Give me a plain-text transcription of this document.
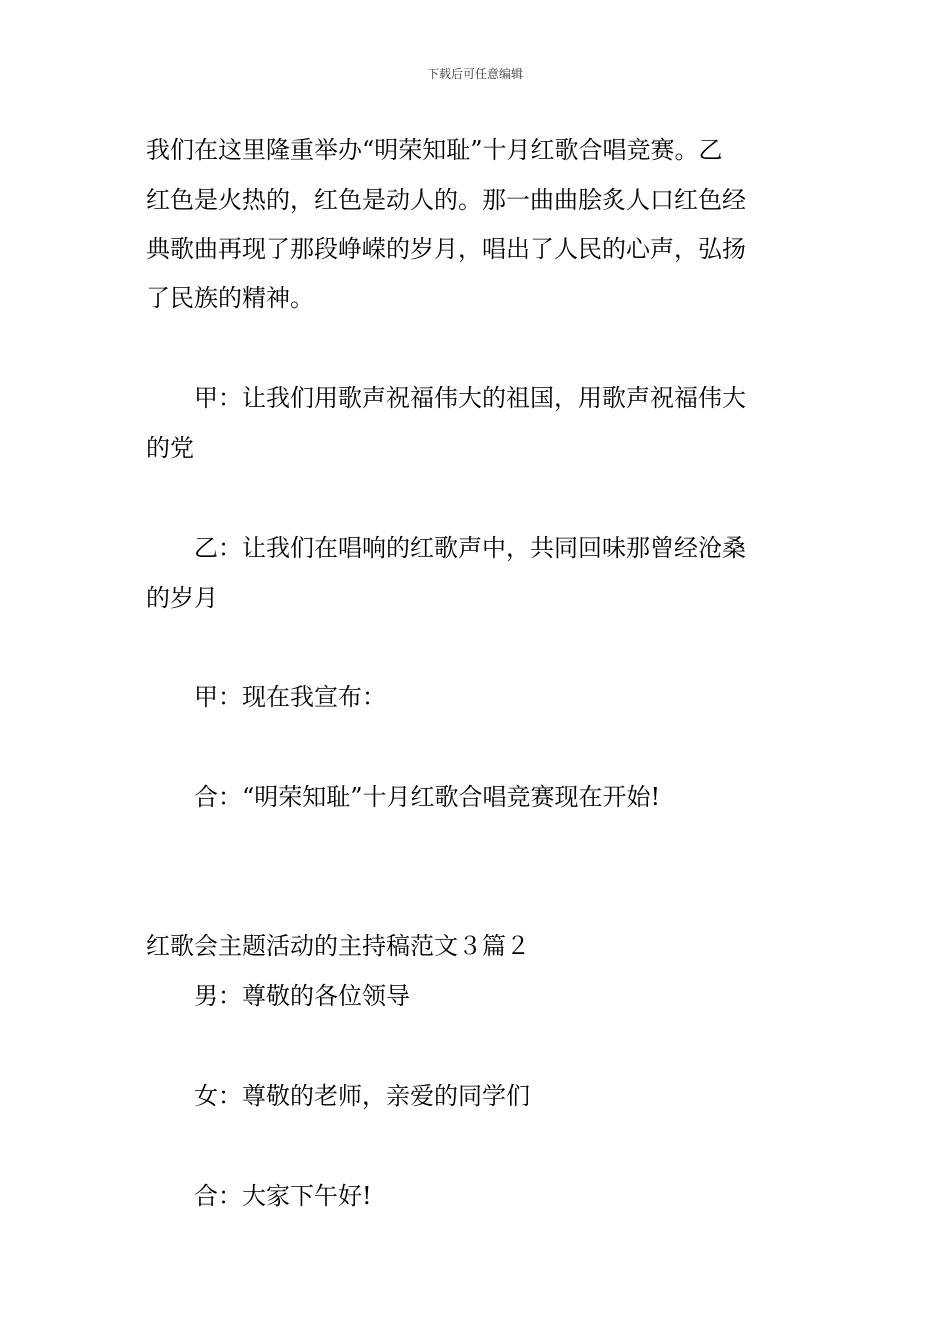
下载后可任意编辑
我们在这里隆重举办“明荣知耻”十月红歌合唱竞赛。乙
红色是火热的，红色是动人的。那一曲曲脍炙人口红色经
典歌曲再现了那段峥嵘的岁月，唱出了人民的心声，弘扬
了民族的精神。
甲：让我们用歌声祝福伟大的祖国，用歌声祝福伟大
的党
乙：让我们在唱响的红歌声中，共同回味那曾经沧桑
的岁月
甲：现在我宣布：
合：“明荣知耻”十月红歌合唱竞赛现在开始!
红歌会主题活动的主持稿范文３篇２
男：尊敬的各位领导
女：尊敬的老师，亲爱的同学们
合：大家下午好!
